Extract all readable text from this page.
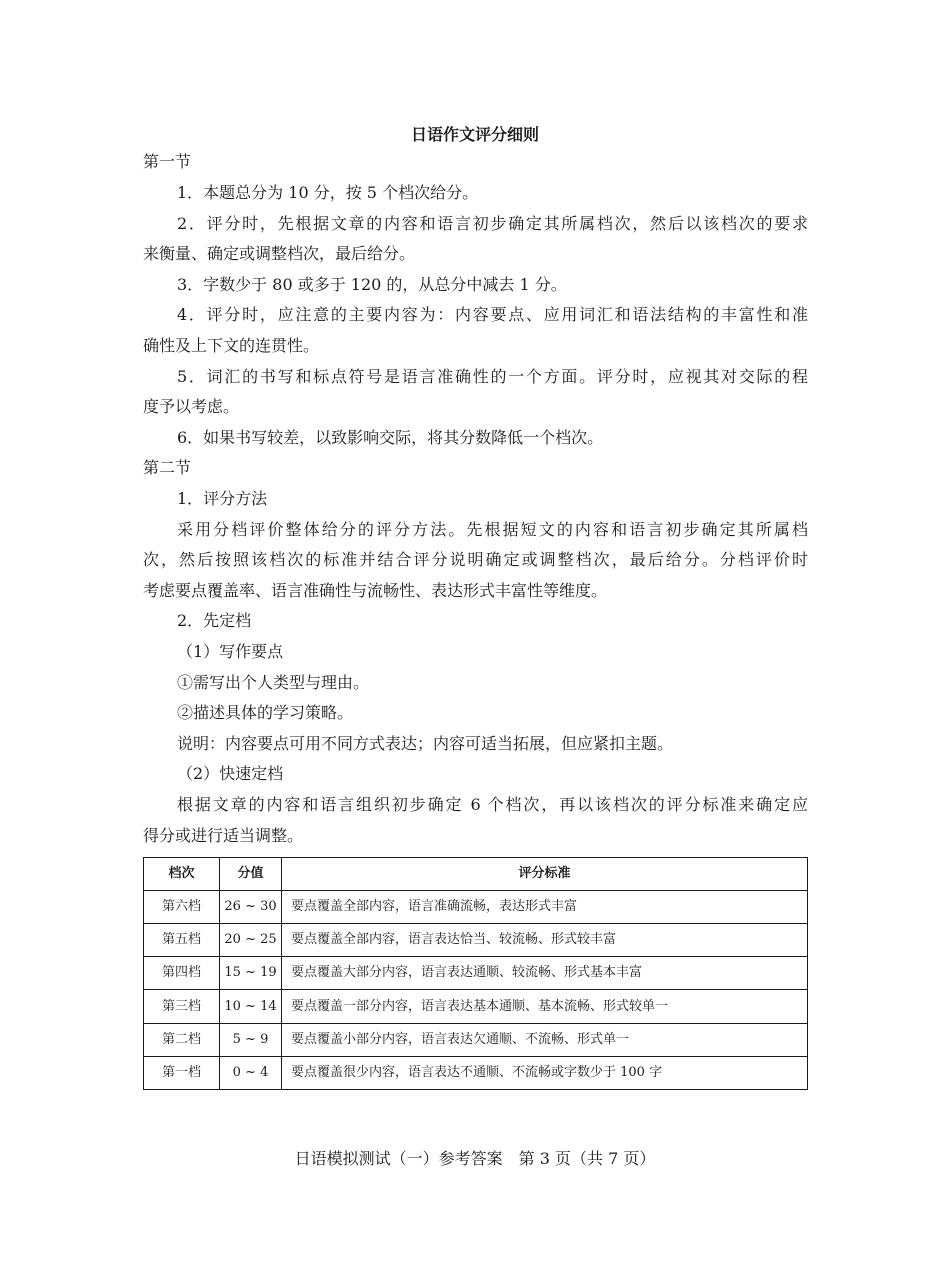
日语作文评分细则
第一节
1．本题总分为 10 分，按 5 个档次给分。
2．评分时，先根据文章的内容和语言初步确定其所属档次，然后以该档次的要求
来衡量、确定或调整档次，最后给分。
3．字数少于 80 或多于 120 的，从总分中减去 1 分。
4．评分时，应注意的主要内容为：内容要点、应用词汇和语法结构的丰富性和准
确性及上下文的连贯性。
5．词汇的书写和标点符号是语言准确性的一个方面。评分时，应视其对交际的程
度予以考虑。
6．如果书写较差，以致影响交际，将其分数降低一个档次。
第二节
1．评分方法
采用分档评价整体给分的评分方法。先根据短文的内容和语言初步确定其所属档
次，然后按照该档次的标准并结合评分说明确定或调整档次，最后给分。分档评价时
考虑要点覆盖率、语言准确性与流畅性、表达形式丰富性等维度。
2．先定档
（1）写作要点
①需写出个人类型与理由。
②描述具体的学习策略。
说明：内容要点可用不同方式表达；内容可适当拓展，但应紧扣主题。
（2）快速定档
根据文章的内容和语言组织初步确定 6 个档次，再以该档次的评分标准来确定应
得分或进行适当调整。
档次	分值	评分标准
第六档	26 ~ 30	要点覆盖全部内容，语言准确流畅，表达形式丰富
第五档	20 ~ 25	要点覆盖全部内容，语言表达恰当、较流畅、形式较丰富
第四档	15 ~ 19	要点覆盖大部分内容，语言表达通顺、较流畅、形式基本丰富
第三档	10 ~ 14	要点覆盖一部分内容，语言表达基本通顺、基本流畅、形式较单一
第二档	5 ~ 9	要点覆盖小部分内容，语言表达欠通顺、不流畅、形式单一
第一档	0 ~ 4	要点覆盖很少内容，语言表达不通顺、不流畅或字数少于 100 字
日语模拟测试（一）参考答案　第 3 页（共 7 页）
